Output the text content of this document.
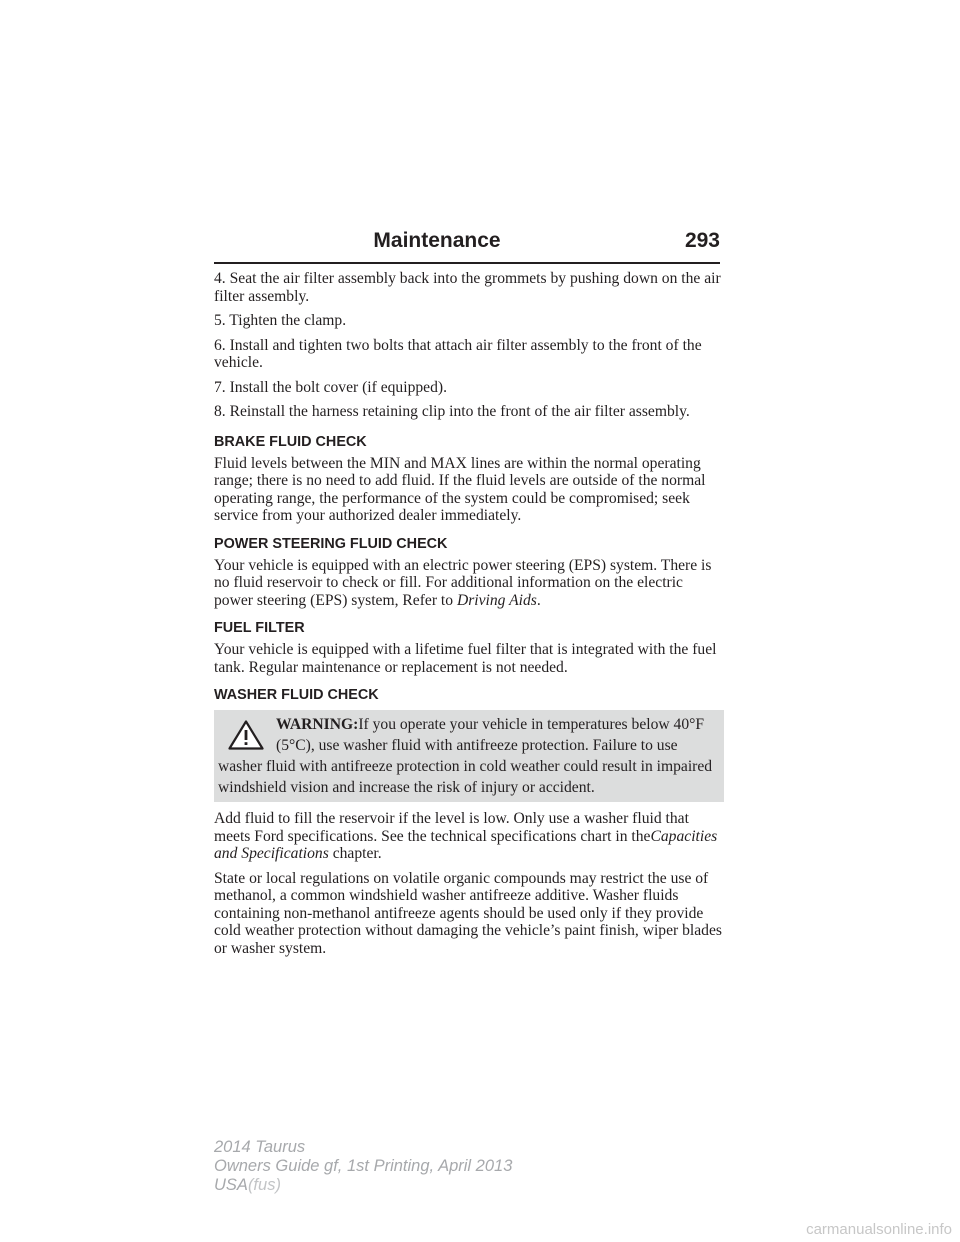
Maintenance	293

4. Seat the air filter assembly back into the grommets by pushing down on the air filter assembly.

5. Tighten the clamp.

6. Install and tighten two bolts that attach air filter assembly to the front of the vehicle.

7. Install the bolt cover (if equipped).

8. Reinstall the harness retaining clip into the front of the air filter assembly.

BRAKE FLUID CHECK

Fluid levels between the MIN and MAX lines are within the normal operating range; there is no need to add fluid. If the fluid levels are outside of the normal operating range, the performance of the system could be compromised; seek service from your authorized dealer immediately.

POWER STEERING FLUID CHECK

Your vehicle is equipped with an electric power steering (EPS) system. There is no fluid reservoir to check or fill. For additional information on the electric power steering (EPS) system, Refer to Driving Aids.

FUEL FILTER

Your vehicle is equipped with a lifetime fuel filter that is integrated with the fuel tank. Regular maintenance or replacement is not needed.

WASHER FLUID CHECK
WARNING:If you operate your vehicle in temperatures below 40°F (5°C), use washer fluid with antifreeze protection. Failure to use washer fluid with antifreeze protection in cold weather could result in impaired windshield vision and increase the risk of injury or accident.

Add fluid to fill the reservoir if the level is low. Only use a washer fluid that meets Ford specifications. See the technical specifications chart in theCapacities and Specifications chapter.

State or local regulations on volatile organic compounds may restrict the use of methanol, a common windshield washer antifreeze additive. Washer fluids containing non-methanol antifreeze agents should be used only if they provide cold weather protection without damaging the vehicle’s paint finish, wiper blades or washer system.

2014 Taurus
Owners Guide gf, 1st Printing, April 2013
USA(fus)
carmanualsonline.info
